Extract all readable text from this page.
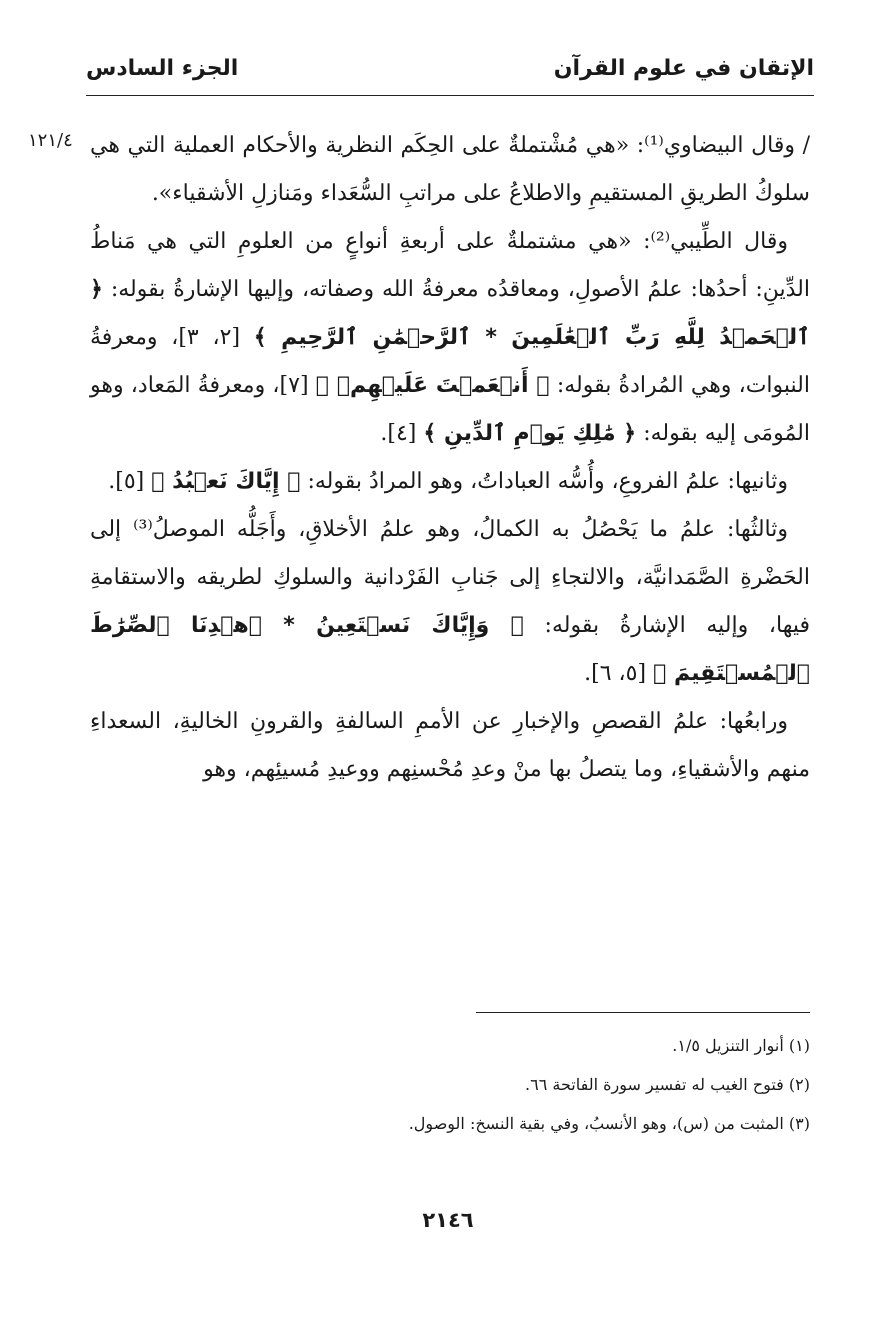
الإتقان في علوم القرآن
الجزء السادس
١٢١/٤ / وقال البيضاوي⁽¹⁾: «هي مُشْتملةٌ على الحِكَم النظرية والأحكام العملية التي هي سلوكُ الطريقِ المستقيمِ والاطلاعُ على مراتبِ السُّعَداء ومَنازلِ الأشقياء».

وقال الطِّيبي⁽²⁾: «هي مشتملةٌ على أربعةِ أنواعٍ من العلومِ التي هي مَناطُ الدِّينِ: أحدُها: علمُ الأصولِ، ومعاقدُه معرفةُ الله وصفاته، وإليها الإشارةُ بقوله: ﴿ ٱلۡحَمۡدُ لِلَّهِ رَبِّ ٱلۡعَٰلَمِينَ * ٱلرَّحۡمَٰنِ ٱلرَّحِيمِ ﴾ [٢، ٣]، ومعرفةُ النبوات، وهي المُرادةُ بقوله: ﴿ أَنۡعَمۡتَ عَلَيۡهِمۡ ﴾ [٧]، ومعرفةُ المَعاد، وهو المُومَى إليه بقوله: ﴿ مَٰلِكِ يَوۡمِ ٱلدِّينِ ﴾ [٤].

وثانيها: علمُ الفروعِ، وأُسُّه العباداتُ، وهو المرادُ بقوله: ﴿ إِيَّاكَ نَعۡبُدُ ﴾ [٥].

وثالثُها: علمُ ما يَحْصُلُ به الكمالُ، وهو علمُ الأخلاقِ، وأَجَلُّه الموصلُ⁽³⁾ إلى الحَضْرةِ الصَّمَدانيَّة، والالتجاءِ إلى جَنابِ الفَرْدانية والسلوكِ لطريقه والاستقامةِ فيها، وإليه الإشارةُ بقوله: ﴿ وَإِيَّاكَ نَسۡتَعِينُ * ٱهۡدِنَا ٱلصِّرَٰطَ ٱلۡمُسۡتَقِيمَ ﴾ [٥، ٦].

ورابعُها: علمُ القصصِ والإخبارِ عن الأممِ السالفةِ والقرونِ الخاليةِ، السعداءِ منهم والأشقياءِ، وما يتصلُ بها منْ وعدِ مُحْسنِهم ووعيدِ مُسيئِهم، وهو

(١) أنوار التنزيل ١/٥.

(٢) فتوح الغيب له تفسير سورة الفاتحة ٦٦.

(٣) المثبت من (س)، وهو الأنسبُ، وفي بقية النسخ: الوصول.

٢١٤٦
